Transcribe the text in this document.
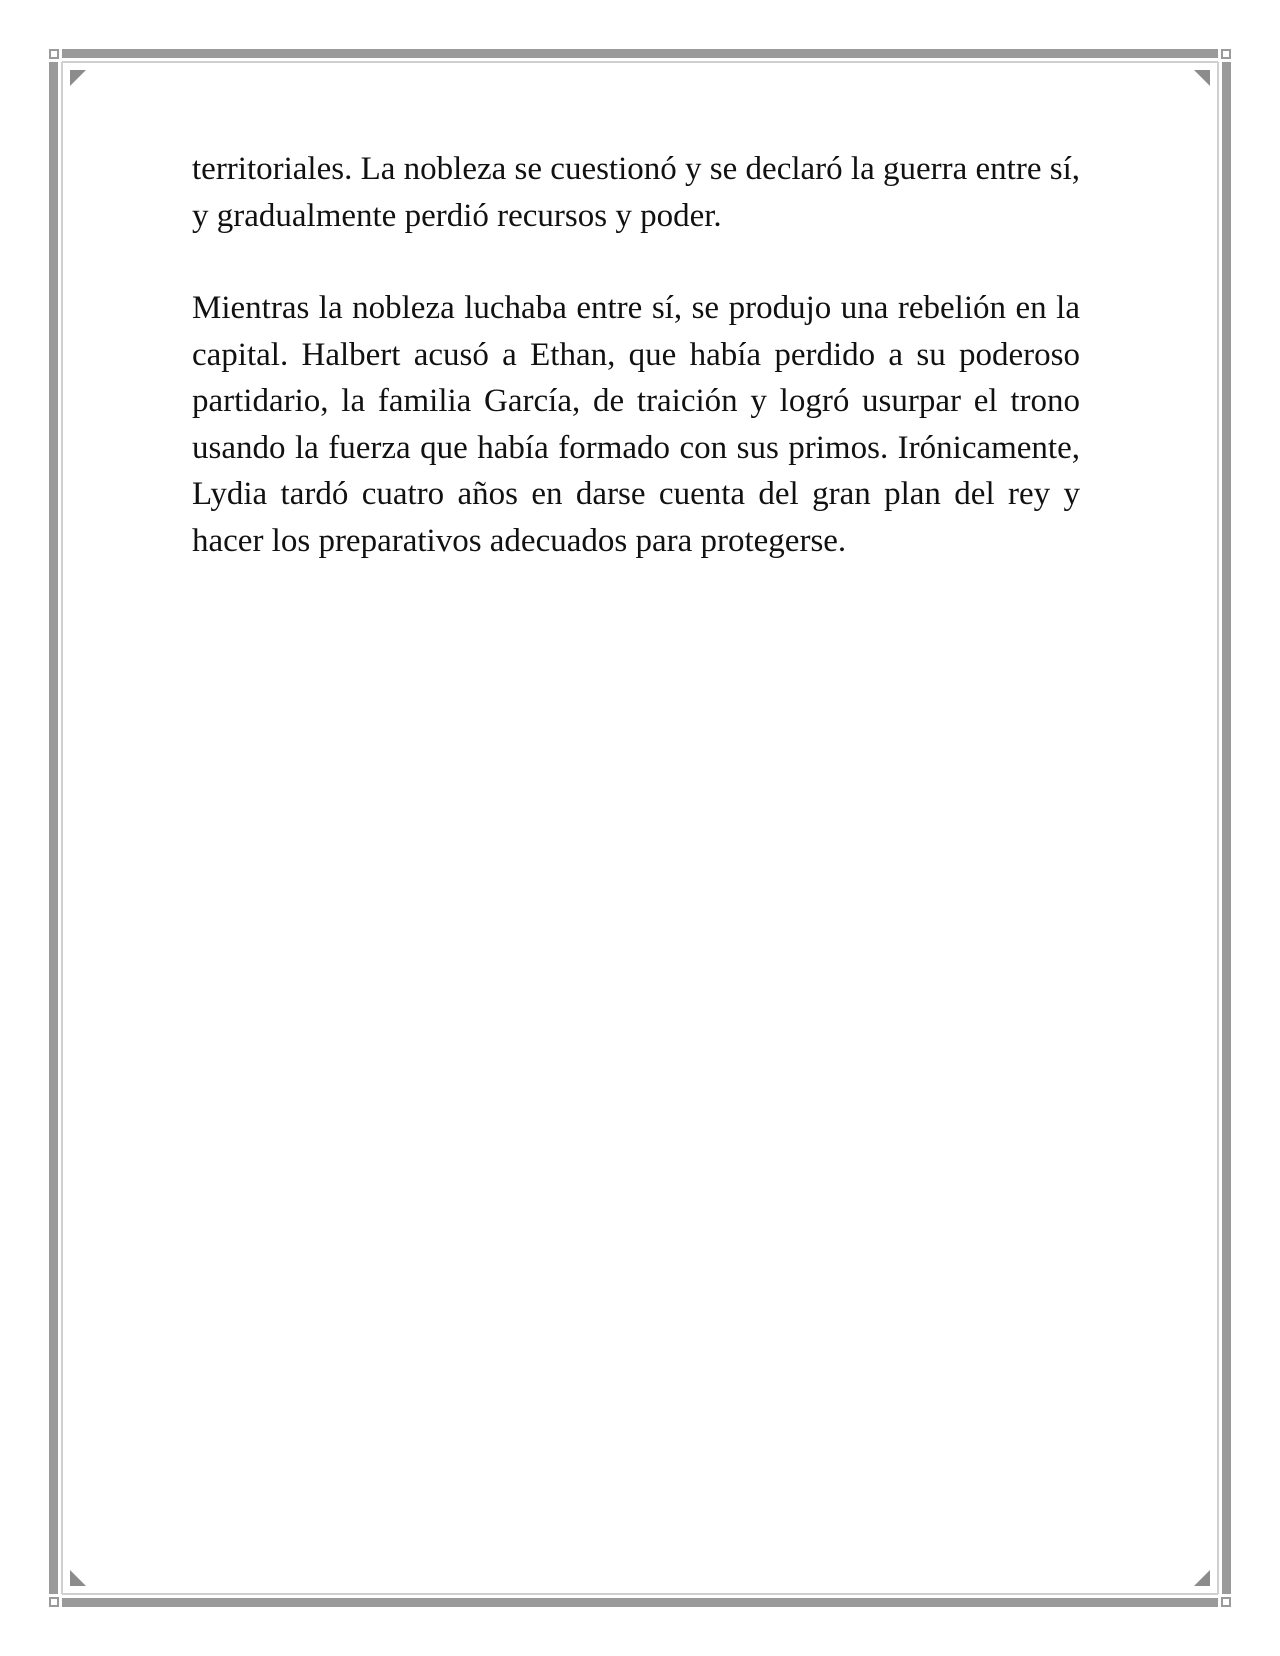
territoriales. La nobleza se cuestionó y se declaró la guerra entre sí, y gradualmente perdió recursos y poder.

Mientras la nobleza luchaba entre sí, se produjo una rebelión en la capital. Halbert acusó a Ethan, que había perdido a su poderoso partidario, la familia García, de traición y logró usurpar el trono usando la fuerza que había formado con sus primos. Irónicamente, Lydia tardó cuatro años en darse cuenta del gran plan del rey y hacer los preparativos adecuados para protegerse.
